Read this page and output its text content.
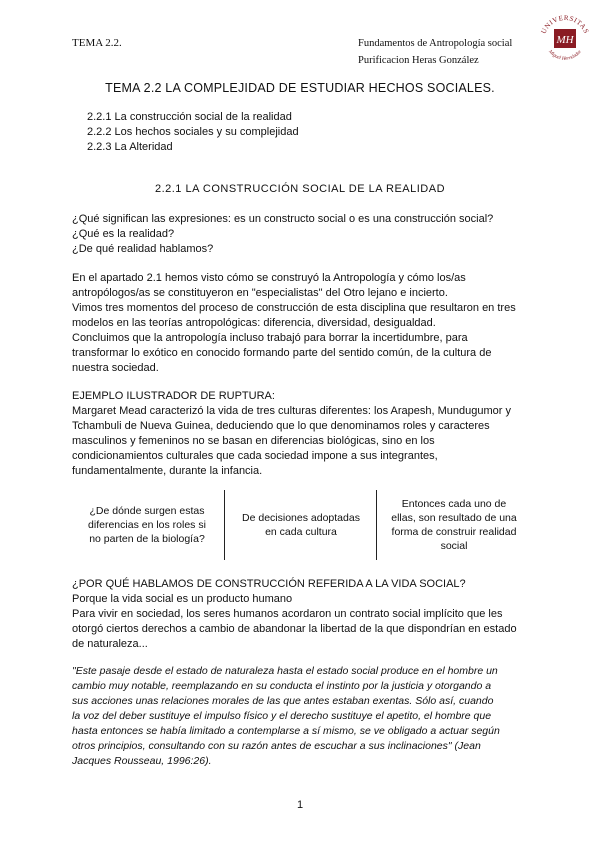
TEMA 2.2.	Fundamentos de Antropología social
Purificacion Heras González
UNIVERSITAS
Miguel Hernández
MH
TEMA 2.2 LA COMPLEJIDAD DE ESTUDIAR HECHOS SOCIALES.
2.2.1 La construcción social de la realidad
2.2.2 Los hechos sociales y su complejidad
2.2.3 La Alteridad
2.2.1 LA CONSTRUCCIÓN SOCIAL DE LA REALIDAD

¿Qué significan las expresiones: es un constructo social o es una construcción social?

¿Qué es la realidad?

¿De qué realidad hablamos?

En el apartado 2.1 hemos visto cómo se construyó la Antropología y cómo los/as

antropólogos/as se constituyeron en "especialistas" del Otro lejano e incierto.

Vimos tres momentos del proceso de construcción de esta disciplina que resultaron en tres

modelos en las teorías antropológicas: diferencia, diversidad, desigualdad.

Concluimos que la antropología incluso trabajó para borrar la incertidumbre, para

transformar lo exótico en conocido formando parte del sentido común, de la cultura de

nuestra sociedad.

EJEMPLO ILUSTRADOR DE RUPTURA:

Margaret Mead caracterizó la vida de tres culturas diferentes: los Arapesh, Mundugumor y

Tchambuli de Nueva Guinea, deduciendo que lo que denominamos roles y caracteres

masculinos y femeninos no se basan en diferencias biológicas, sino en los

condicionamientos culturales que cada sociedad impone a sus integrantes,

fundamentalmente, durante la infancia.

¿De dónde surgen estas
diferencias en los roles si
no parten de la biología?
De decisiones adoptadas
en cada cultura
Entonces cada uno de
ellas, son resultado de una
forma de construir realidad
social

¿POR QUÉ HABLAMOS DE CONSTRUCCIÓN REFERIDA A LA VIDA SOCIAL?

Porque la vida social es un producto humano

Para vivir en sociedad, los seres humanos acordaron un contrato social implícito que les

otorgó ciertos derechos a cambio de abandonar la libertad de la que dispondrían en estado

de naturaleza...

"Este pasaje desde el estado de naturaleza hasta el estado social produce en el hombre un

cambio muy notable, reemplazando en su conducta el instinto por la justicia y otorgando a

sus acciones unas relaciones morales de las que antes estaban exentas. Sólo así, cuando

la voz del deber sustituye el impulso físico y el derecho sustituye el apetito, el hombre que

hasta entonces se había limitado a contemplarse a sí mismo, se ve obligado a actuar según

otros principios, consultando con su razón antes de escuchar a sus inclinaciones" (Jean

Jacques Rousseau, 1996:26).

1
